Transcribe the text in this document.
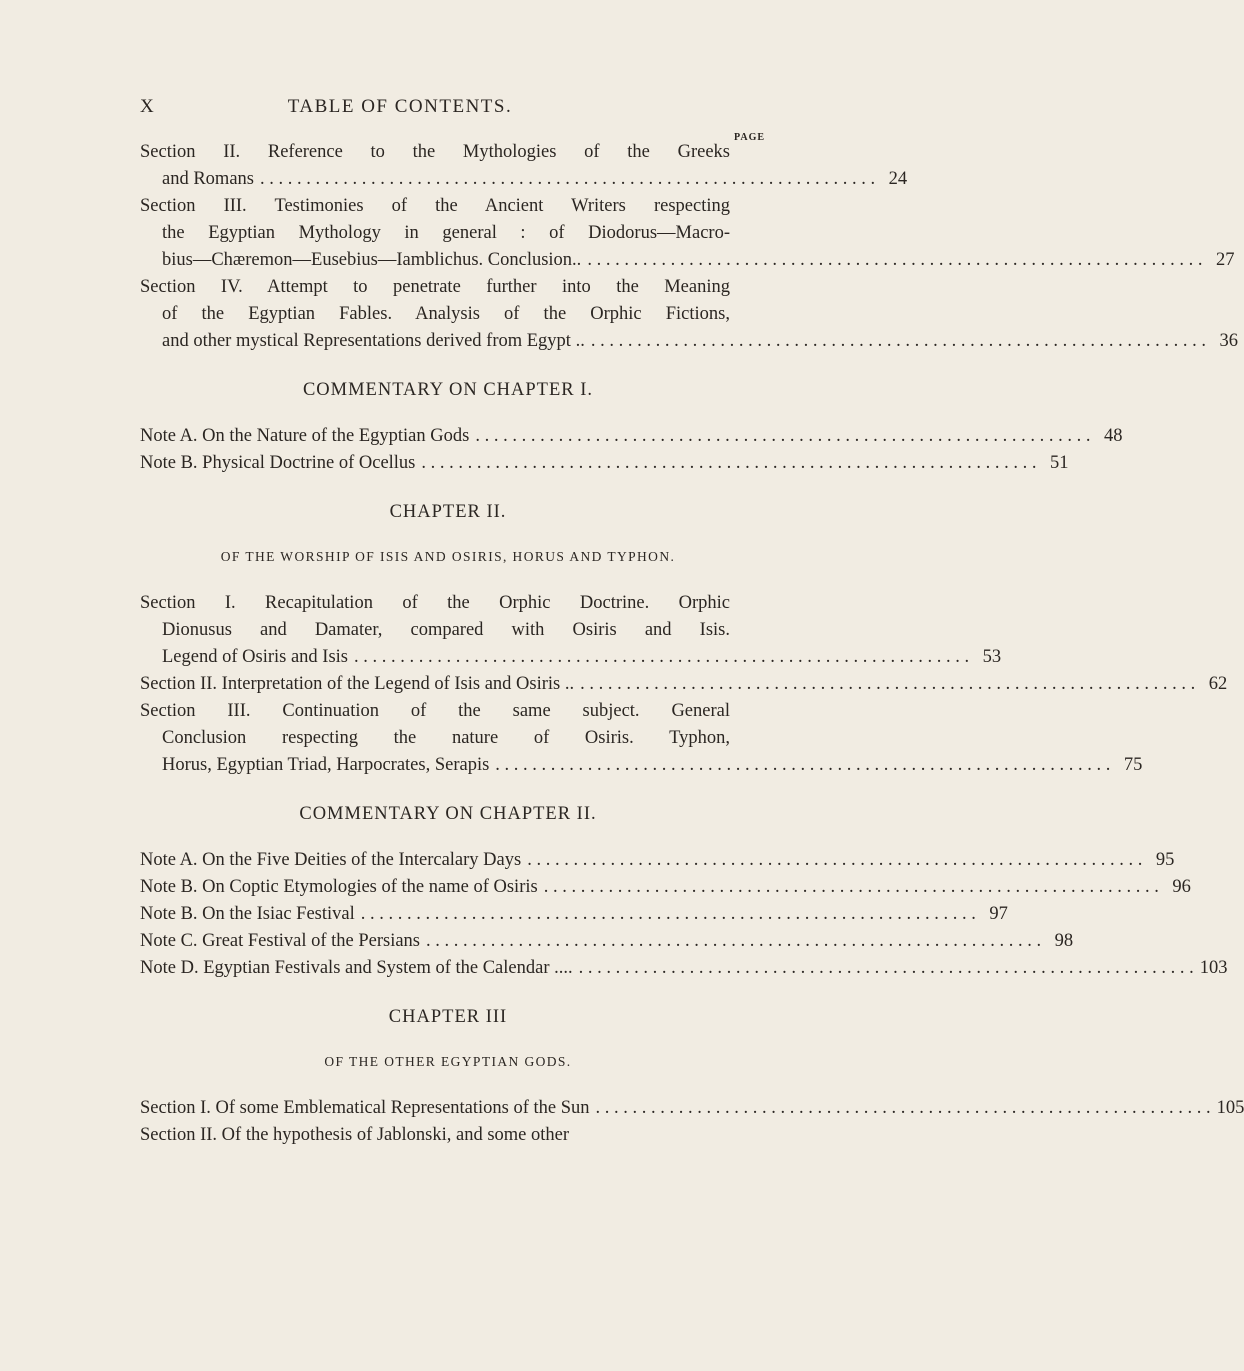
X	TABLE OF CONTENTS.
PAGE
Section II. Reference to the Mythologies of the Greeks
and Romans . . .	24
Section III. Testimonies of the Ancient Writers respecting
the Egyptian Mythology in general : of Diodorus—Macro-
bius—Chæremon—Eusebius—Iamblichus. Conclusion.. . . .	27
Section IV. Attempt to penetrate further into the Meaning
of the Egyptian Fables. Analysis of the Orphic Fictions,
and other mystical Representations derived from Egypt .. . . .	36
COMMENTARY ON CHAPTER I.
Note A. On the Nature of the Egyptian Gods . . .	48
Note B. Physical Doctrine of Ocellus . . .	51
CHAPTER II.
OF THE WORSHIP OF ISIS AND OSIRIS, HORUS AND TYPHON.
Section I. Recapitulation of the Orphic Doctrine. Orphic
Dionusus and Damater, compared with Osiris and Isis.
Legend of Osiris and Isis . . .	53
Section II. Interpretation of the Legend of Isis and Osiris .. . . .	62
Section III. Continuation of the same subject. General
Conclusion respecting the nature of Osiris. Typhon,
Horus, Egyptian Triad, Harpocrates, Serapis . . .	75
COMMENTARY ON CHAPTER II.
Note A. On the Five Deities of the Intercalary Days . . .	95
Note B. On Coptic Etymologies of the name of Osiris . . .	96
Note B. On the Isiac Festival . . .	97
Note C. Great Festival of the Persians . . .	98
Note D. Egyptian Festivals and System of the Calendar .... . . .	103
CHAPTER III
OF THE OTHER EGYPTIAN GODS.
Section I. Of some Emblematical Representations of the Sun . . .	105
Section II. Of the hypothesis of Jablonski, and some other
